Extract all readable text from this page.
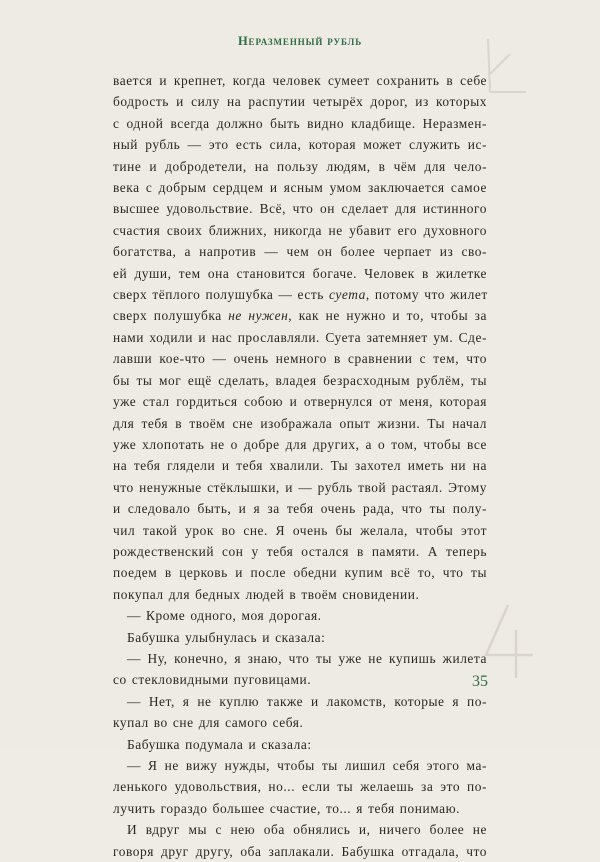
Неразменный рубль
вается и крепнет, когда человек сумеет сохранить в себе
бодрость и силу на распутии четырёх дорог, из которых
с одной всегда должно быть видно кладбище. Неразмен-
ный рубль — это есть сила, которая может служить ис-
тине и добродетели, на пользу людям, в чём для чело-
века с добрым сердцем и ясным умом заключается самое
высшее удовольствие. Всё, что он сделает для истинного
счастия своих ближних, никогда не убавит его духовного
богатства, а напротив — чем он более черпает из сво-
ей души, тем она становится богаче. Человек в жилетке
сверх тёплого полушубка — есть суета, потому что жилет
сверх полушубка не нужен, как не нужно и то, чтобы за
нами ходили и нас прославляли. Суета затемняет ум. Сде-
лавши кое-что — очень немного в сравнении с тем, что
бы ты мог ещё сделать, владея безрасходным рублём, ты
уже стал гордиться собою и отвернулся от меня, которая
для тебя в твоём сне изображала опыт жизни. Ты начал
уже хлопотать не о добре для других, а о том, чтобы все
на тебя глядели и тебя хвалили. Ты захотел иметь ни на
что ненужные стёклышки, и — рубль твой растаял. Этому
и следовало быть, и я за тебя очень рада, что ты полу-
чил такой урок во сне. Я очень бы желала, чтобы этот
рождественский сон у тебя остался в памяти. А теперь
поедем в церковь и после обедни купим всё то, что ты
покупал для бедных людей в твоём сновидении.
— Кроме одного, моя дорогая.
Бабушка улыбнулась и сказала:
— Ну, конечно, я знаю, что ты уже не купишь жилета
со стекловидными пуговицами.
— Нет, я не куплю также и лакомств, которые я по-
купал во сне для самого себя.
Бабушка подумала и сказала:
— Я не вижу нужды, чтобы ты лишил себя этого ма-
ленького удовольствия, но... если ты желаешь за это по-
лучить гораздо большее счастие, то... я тебя понимаю.
И вдруг мы с нею оба обнялись и, ничего более не
говоря друг другу, оба заплакали. Бабушка отгадала, что
35
